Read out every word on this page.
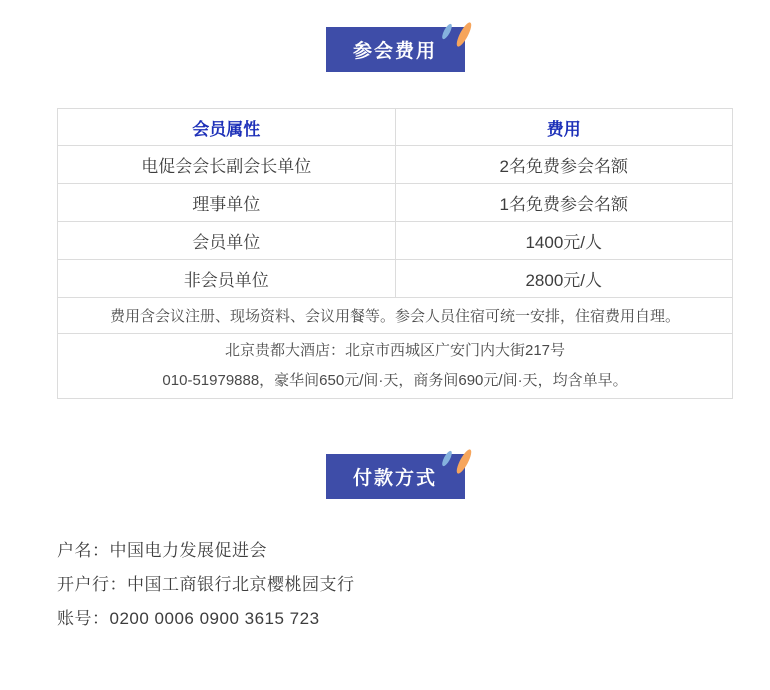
参会费用
会员属性	费用
电促会会长副会长单位	2名免费参会名额
理事单位	1名免费参会名额
会员单位	1400元/人
非会员单位	2800元/人
费用含会议注册、现场资料、会议用餐等。参会人员住宿可统一安排，住宿费用自理。	

北京贵都大酒店：北京市西城区广安门内大街217号
010-51979888，豪华间650元/间·天，商务间690元/间·天，均含单早。	
付款方式

户名：中国电力发展促进会

开户行：中国工商银行北京樱桃园支行

账号：0200 0006 0900 3615 723
